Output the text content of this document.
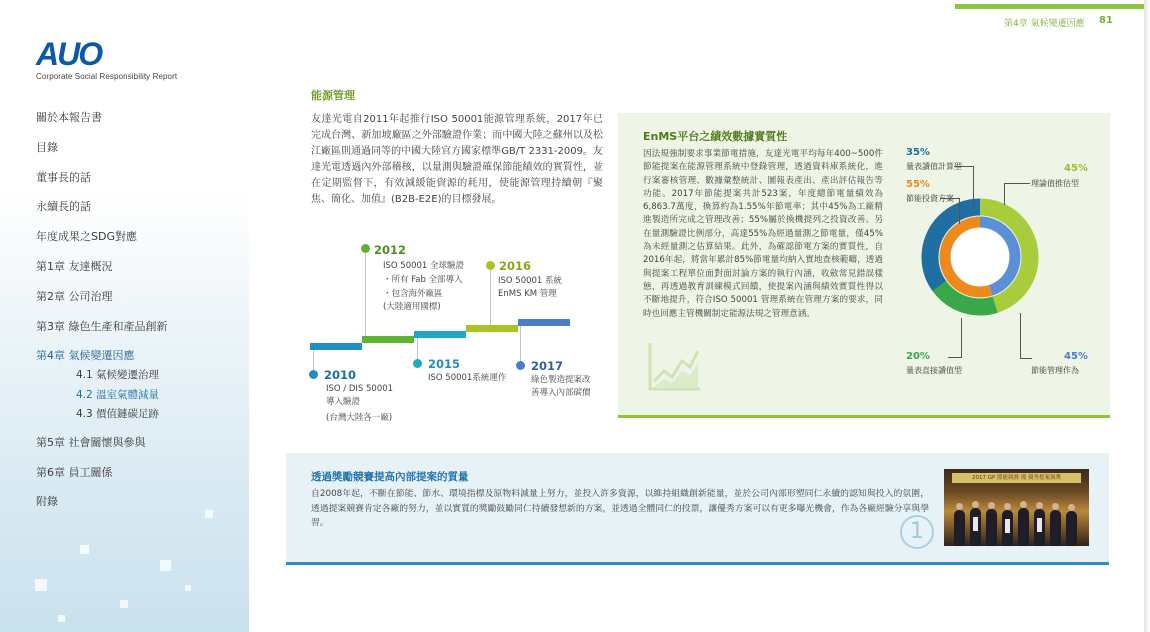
AUO
Corporate Social Responsibility Report
關於本報告書
目錄
董事長的話
永續長的話
年度成果之SDG對應
第1章 友達概況
第2章 公司治理
第3章 綠色生產和產品創新
第4章 氣候變遷因應
4.1 氣候變遷治理
4.2 溫室氣體減量
4.3 價值鏈碳足跡
第5章 社會關懷與參與
第6章 員工關係
附錄
第4章 氣候變遷因應 81
能源管理
友達光電自2011年起推行ISO 50001能源管理系統，2017年已完成台灣、新加坡廠區之外部驗證作業；而中國大陸之蘇州以及松江廠區則通過同等的中國大陸官方國家標準GB/T 2331-2009。友達光電透過內外部稽核，以量測與驗證確保節能績效的實質性，並在定期監督下，有效減緩能資源的耗用，使能源管理持續朝『聚焦、簡化、加值』(B2B-E2E)的目標發展。
2010
ISO / DIS 50001
導入驗證
(台灣大陸各一廠)
2012
ISO 50001 全球驗證
・所有 Fab 全部導入
・包含海外廠區
(大陸適用國標)
2015
ISO 50001系統運作
2016
ISO 50001 系統
EnMS KM 管理
2017
綠色製造提案改
善導入內部碳價
EnMS平台之績效數據實質性
因法規強制要求事業節電措施，友達光電平均每年400~500件節能提案在能源管理系統中登錄管理，透過資料庫系統化，進行案審核管理、數據彙整統計、圖報表產出、產出評估報告等功能。2017年節能提案共計523案，年度總節電量績效為6,863.7萬度，換算約為1.55%年節電率；其中45%為工廠精進製造所完成之管理改善；55%屬於換機提列之投資改善。另在量測驗證比例部分，高達55%為經過量測之節電量，僅45%為未經量測之估算結果。此外，為確認節電方案的實質性，自2016年起，將當年累計85%節電量均納入實地查核範疇，透過與提案工程單位面對面討論方案的執行內涵，收斂常見錯誤樣態，再透過教育訓練模式回饋，使提案內涵與績效實質性得以不斷地提升，符合ISO 50001 管理系統在管理方案的要求，同時也回應主管機關制定能源法規之管理意涵。
35%
量表讀值計算型
55%
節能投資方案
45%
理論值推估型
20%
量表直接讀值型
45%
節能管理作為
透過獎勵競賽提高內部提案的質量
自2008年起，不斷在節能、節水、環境指標及原物料減量上努力，並投入許多資源，以維持組織創新能量，並於公司內部形塑同仁永續的認知與投入的氛圍，透過提案競賽肯定各廠的努力，並以實質的獎勵鼓勵同仁持續發想新的方案，並透過全體同仁的投票，讓優秀方案可以有更多曝光機會，作為各廠經驗分享與學習。	1
2017 GP 節能競賽 優 優秀提案頒獎
